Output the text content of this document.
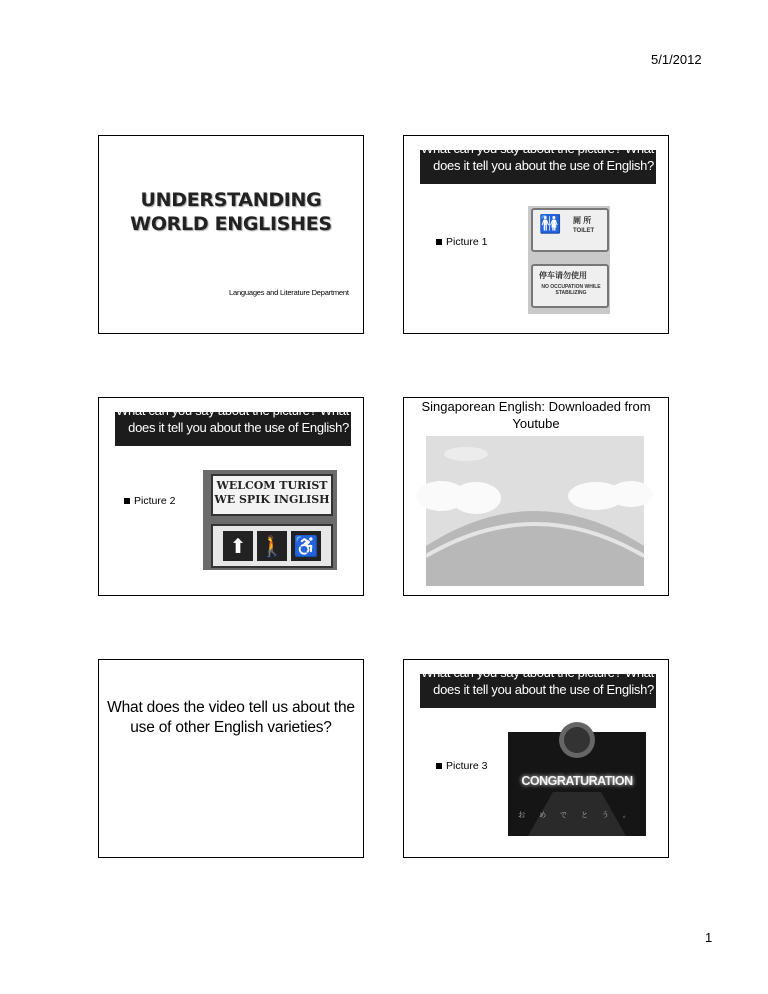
5/1/2012
UNDERSTANDING
WORLD ENGLISHES
Languages and Literature Department
What can you say about the picture? What does it tell you about the use of English?
Picture 1
🚻 厕 所
TOILET
停车请勿使用
NO OCCUPATION WHILE STABILIZING
What can you say about the picture? What does it tell you about the use of English?
Picture 2
WELCOM TURIST
WE SPIK INGLISH
⬆ 🚶 ♿
Singaporean English: Downloaded from Youtube
What does the video tell us about the use of other English varieties?
What can you say about the picture? What does it tell you about the use of English?
Picture 3
CONGRATURATION
お め で と う 。
1
